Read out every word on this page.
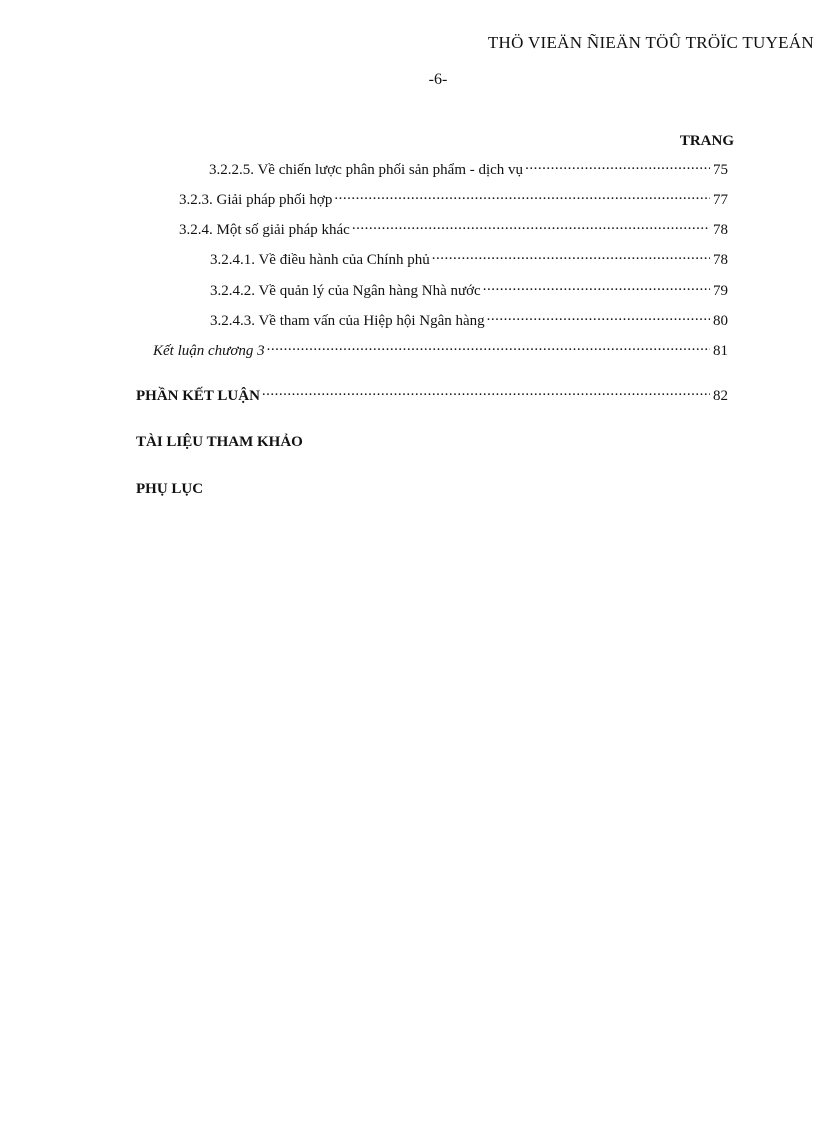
THÖ VIEÄN ÑIEÄN TÖÛ TRÖÏC TUYEÁN
-6-
TRANG
3.2.2.5. Về chiến lược phân phối sản phẩm - dịch vụ .....	75
3.2.3. Giải pháp phối hợp .....	77
3.2.4. Một số giải pháp khác .....	78
3.2.4.1. Về điều hành của Chính phủ .....	78
3.2.4.2. Về quản lý của Ngân hàng Nhà nước .....	79
3.2.4.3. Về tham vấn của Hiệp hội Ngân hàng .....	80
Kết luận chương 3 .....	81
PHẦN KẾT LUẬN .....	82
TÀI LIỆU THAM KHẢO
PHỤ LỤC
